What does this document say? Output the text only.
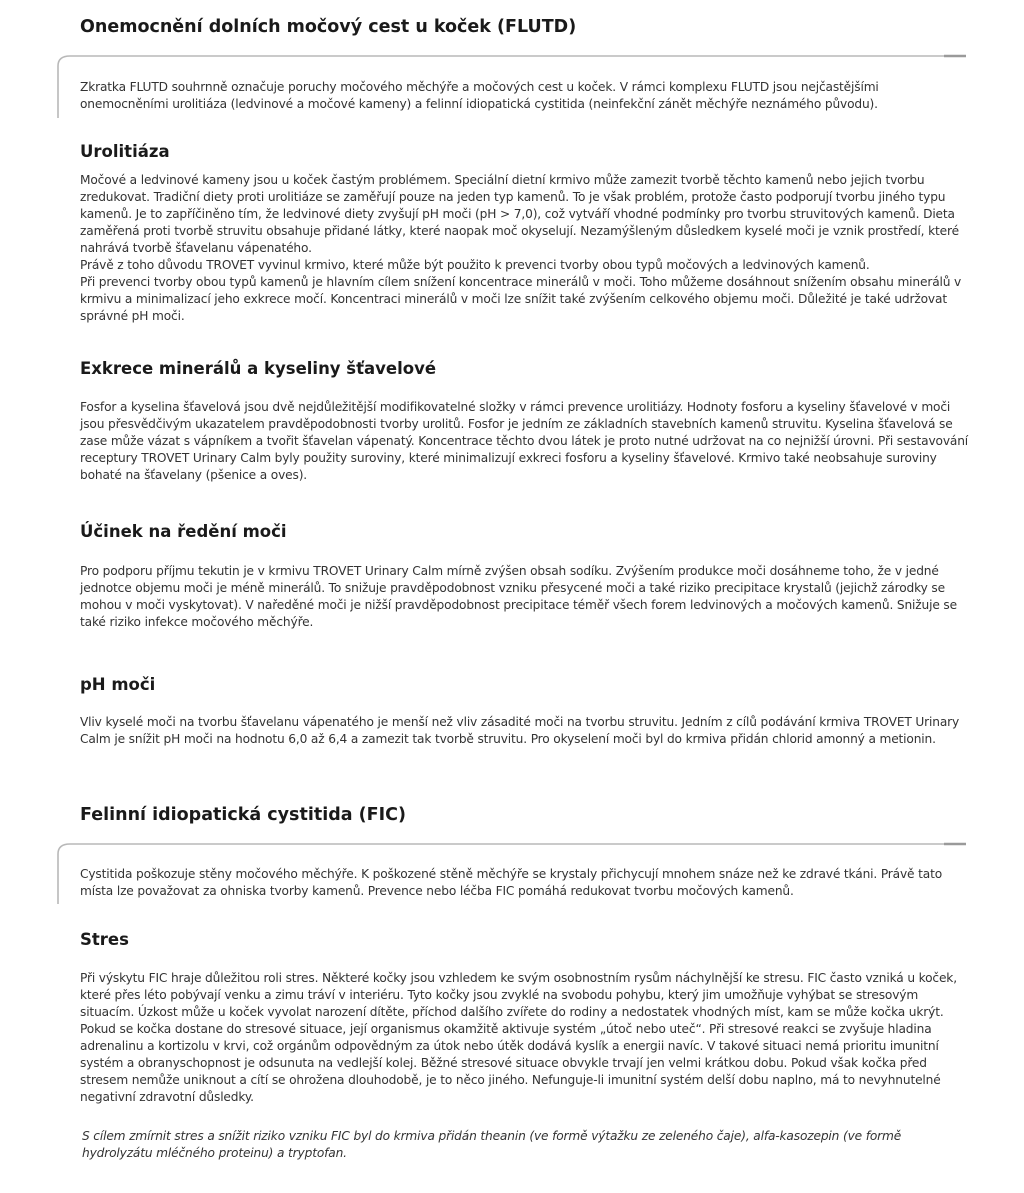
Onemocnění dolních močový cest u koček (FLUTD)

Zkratka FLUTD souhrnně označuje poruchy močového měchýře a močových cest u koček. V rámci komplexu FLUTD jsou nejčastějšími onemocněními urolitiáza (ledvinové a močové kameny) a felinní idiopatická cystitida (neinfekční zánět měchýře neznámého původu).

Urolitiáza

Močové a ledvinové kameny jsou u koček častým problémem. Speciální dietní krmivo může zamezit tvorbě těchto kamenů nebo jejich tvorbu zredukovat. Tradiční diety proti urolitiáze se zaměřují pouze na jeden typ kamenů. To je však problém, protože často podporují tvorbu jiného typu kamenů. Je to zapříčiněno tím, že ledvinové diety zvyšují pH moči (pH > 7,0), což vytváří vhodné podmínky pro tvorbu struvitových kamenů. Dieta zaměřená proti tvorbě struvitu obsahuje přidané látky, které naopak moč okyselují. Nezamýšleným důsledkem kyselé moči je vznik prostředí, které nahrává tvorbě šťavelanu vápenatého.

Právě z toho důvodu TROVET vyvinul krmivo, které může být použito k prevenci tvorby obou typů močových a ledvinových kamenů.

Při prevenci tvorby obou typů kamenů je hlavním cílem snížení koncentrace minerálů v moči. Toho můžeme dosáhnout snížením obsahu minerálů v krmivu a minimalizací jeho exkrece močí. Koncentraci minerálů v moči lze snížit také zvýšením celkového objemu moči. Důležité je také udržovat správné pH moči.

Exkrece minerálů a kyseliny šťavelové

Fosfor a kyselina šťavelová jsou dvě nejdůležitější modifikovatelné složky v rámci prevence urolitiázy. Hodnoty fosforu a kyseliny šťavelové v moči jsou přesvědčivým ukazatelem pravděpodobnosti tvorby urolitů. Fosfor je jedním ze základních stavebních kamenů struvitu. Kyselina šťavelová se zase může vázat s vápníkem a tvořit šťavelan vápenatý. Koncentrace těchto dvou látek je proto nutné udržovat na co nejnižší úrovni. Při sestavování receptury TROVET Urinary Calm byly použity suroviny, které minimalizují exkreci fosforu a kyseliny šťavelové. Krmivo také neobsahuje suroviny bohaté na šťavelany (pšenice a oves).

Účinek na ředění moči

Pro podporu příjmu tekutin je v krmivu TROVET Urinary Calm mírně zvýšen obsah sodíku. Zvýšením produkce moči dosáhneme toho, že v jedné jednotce objemu moči je méně minerálů. To snižuje pravděpodobnost vzniku přesycené moči a také riziko precipitace krystalů (jejichž zárodky se mohou v moči vyskytovat). V naředěné moči je nižší pravděpodobnost precipitace téměř všech forem ledvinových a močových kamenů. Snižuje se také riziko infekce močového měchýře.

pH moči

Vliv kyselé moči na tvorbu šťavelanu vápenatého je menší než vliv zásadité moči na tvorbu struvitu. Jedním z cílů podávání krmiva TROVET Urinary Calm je snížit pH moči na hodnotu 6,0 až 6,4 a zamezit tak tvorbě struvitu. Pro okyselení moči byl do krmiva přidán chlorid amonný a metionin.

Felinní idiopatická cystitida (FIC)

Cystitida poškozuje stěny močového měchýře. K poškozené stěně měchýře se krystaly přichycují mnohem snáze než ke zdravé tkáni. Právě tato místa lze považovat za ohniska tvorby kamenů. Prevence nebo léčba FIC pomáhá redukovat tvorbu močových kamenů.

Stres

Při výskytu FIC hraje důležitou roli stres. Některé kočky jsou vzhledem ke svým osobnostním rysům náchylnější ke stresu. FIC často vzniká u koček, které přes léto pobývají venku a zimu tráví v interiéru. Tyto kočky jsou zvyklé na svobodu pohybu, který jim umožňuje vyhýbat se stresovým situacím. Úzkost může u koček vyvolat narození dítěte, příchod dalšího zvířete do rodiny a nedostatek vhodných míst, kam se může kočka ukrýt. Pokud se kočka dostane do stresové situace, její organismus okamžitě aktivuje systém „útoč nebo uteč“. Při stresové reakci se zvyšuje hladina adrenalinu a kortizolu v krvi, což orgánům odpovědným za útok nebo útěk dodává kyslík a energii navíc. V takové situaci nemá prioritu imunitní systém a obranyschopnost je odsunuta na vedlejší kolej. Běžné stresové situace obvykle trvají jen velmi krátkou dobu. Pokud však kočka před stresem nemůže uniknout a cítí se ohrožena dlouhodobě, je to něco jiného. Nefunguje-li imunitní systém delší dobu naplno, má to nevyhnutelné negativní zdravotní důsledky.

S cílem zmírnit stres a snížit riziko vzniku FIC byl do krmiva přidán theanin (ve formě výtažku ze zeleného čaje), alfa-kasozepin (ve formě hydrolyzátu mléčného proteinu) a tryptofan.
